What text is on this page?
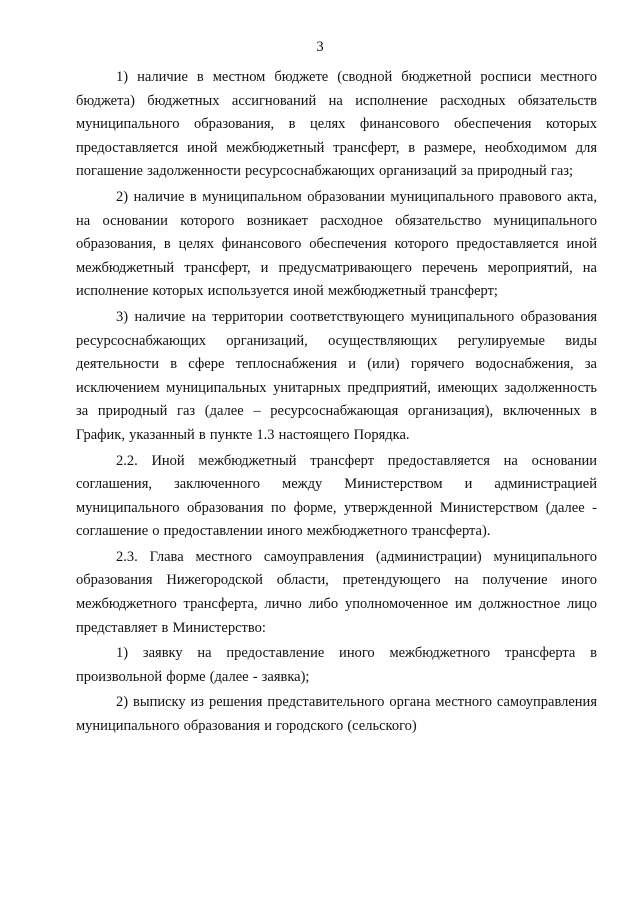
3

1) наличие в местном бюджете (сводной бюджетной росписи местного бюджета) бюджетных ассигнований на исполнение расходных обязательств муниципального образования, в целях финансового обеспечения которых предоставляется иной межбюджетный трансферт, в размере, необходимом для погашение задолженности ресурсоснабжающих организаций за природный газ;

2) наличие в муниципальном образовании муниципального правового акта, на основании которого возникает расходное обязательство муниципального образования, в целях финансового обеспечения которого предоставляется иной межбюджетный трансферт, и предусматривающего перечень мероприятий, на исполнение которых используется иной межбюджетный трансферт;

3) наличие на территории соответствующего муниципального образования ресурсоснабжающих организаций, осуществляющих регулируемые виды деятельности в сфере теплоснабжения и (или) горячего водоснабжения, за исключением муниципальных унитарных предприятий, имеющих задолженность за природный газ (далее – ресурсоснабжающая организация), включенных в График, указанный в пункте 1.3 настоящего Порядка.

2.2. Иной межбюджетный трансферт предоставляется на основании соглашения, заключенного между Министерством и администрацией муниципального образования по форме, утвержденной Министерством (далее - соглашение о предоставлении иного межбюджетного трансферта).

2.3. Глава местного самоуправления (администрации) муниципального образования Нижегородской области, претендующего на получение иного межбюджетного трансферта, лично либо уполномоченное им должностное лицо представляет в Министерство:

1) заявку на предоставление иного межбюджетного трансферта в произвольной форме (далее - заявка);

2) выписку из решения представительного органа местного самоуправления муниципального образования и городского (сельского)
